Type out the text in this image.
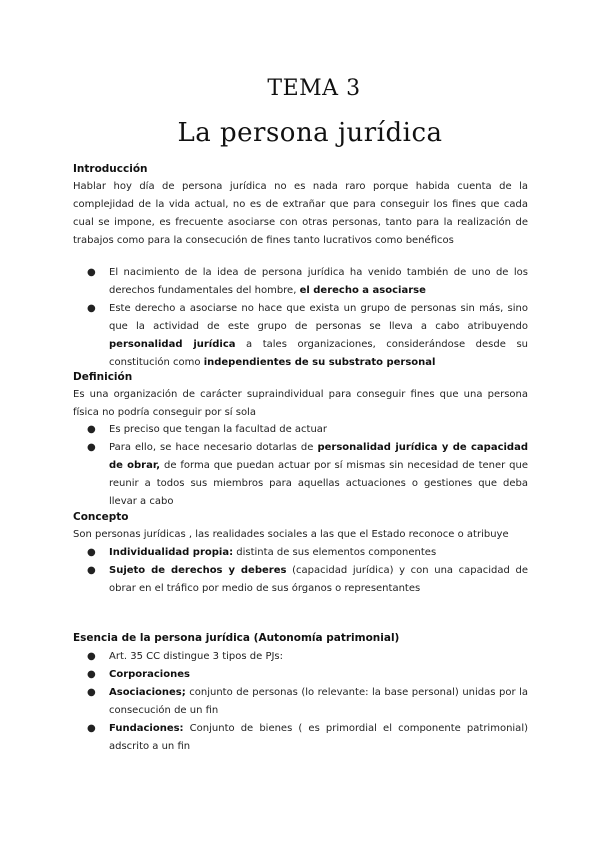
TEMA 3
La persona jurídica
Introducción
Hablar hoy día de persona jurídica no es nada raro porque habida cuenta de la complejidad de la vida actual, no es de extrañar que para conseguir los fines que cada cual se impone, es frecuente asociarse con otras personas, tanto para la realización de trabajos como para la consecución de fines tanto lucrativos como benéficos
● El nacimiento de la idea de persona jurídica ha venido también de uno de los derechos fundamentales del hombre, el derecho a asociarse
● Este derecho a asociarse no hace que exista un grupo de personas sin más, sino que la actividad de este grupo de personas se lleva a cabo atribuyendo personalidad jurídica a tales organizaciones, considerándose desde su constitución como independientes de su substrato personal
Definición
Es una organización de carácter supraindividual para conseguir fines que una persona física no podría conseguir por sí sola
● Es preciso que tengan la facultad de actuar
● Para ello, se hace necesario dotarlas de personalidad jurídica y de capacidad de obrar, de forma que puedan actuar por sí mismas sin necesidad de tener que reunir a todos sus miembros para aquellas actuaciones o gestiones que deba llevar a cabo
Concepto
Son personas jurídicas , las realidades sociales a las que el Estado reconoce o atribuye
● Individualidad propia: distinta de sus elementos componentes
● Sujeto de derechos y deberes (capacidad jurídica) y con una capacidad de obrar en el tráfico por medio de sus órganos o representantes
Esencia de la persona jurídica (Autonomía patrimonial)
● Art. 35 CC distingue 3 tipos de PJs:
● Corporaciones
● Asociaciones; conjunto de personas (lo relevante: la base personal) unidas por la consecución de un fin
● Fundaciones: Conjunto de bienes ( es primordial el componente patrimonial) adscrito a un fin
